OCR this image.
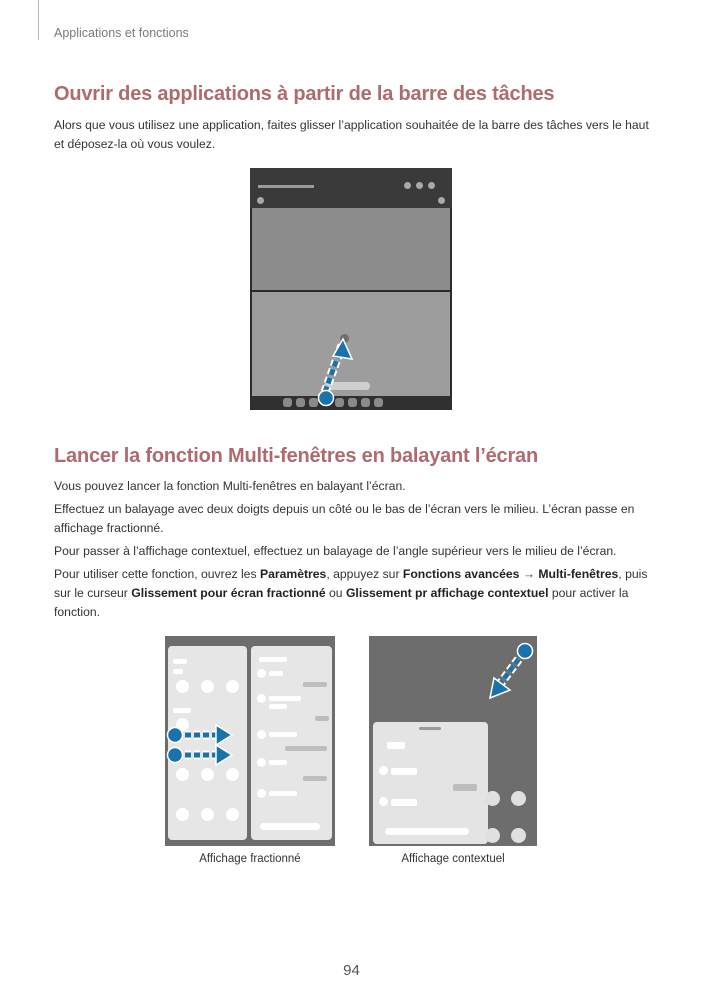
Applications et fonctions
Ouvrir des applications à partir de la barre des tâches

Alors que vous utilisez une application, faites glisser l’application souhaitée de la barre des tâches vers le haut et déposez-la où vous voulez.

Lancer la fonction Multi-fenêtres en balayant l’écran

Vous pouvez lancer la fonction Multi-fenêtres en balayant l’écran.

Effectuez un balayage avec deux doigts depuis un côté ou le bas de l’écran vers le milieu. L’écran passe en affichage fractionné.

Pour passer à l’affichage contextuel, effectuez un balayage de l’angle supérieur vers le milieu de l’écran.

Pour utiliser cette fonction, ouvrez les Paramètres, appuyez sur Fonctions avancées → Multi-fenêtres, puis sur le curseur Glissement pour écran fractionné ou Glissement pr affichage contextuel pour activer la fonction.

Affichage fractionné	Affichage contextuel
94
